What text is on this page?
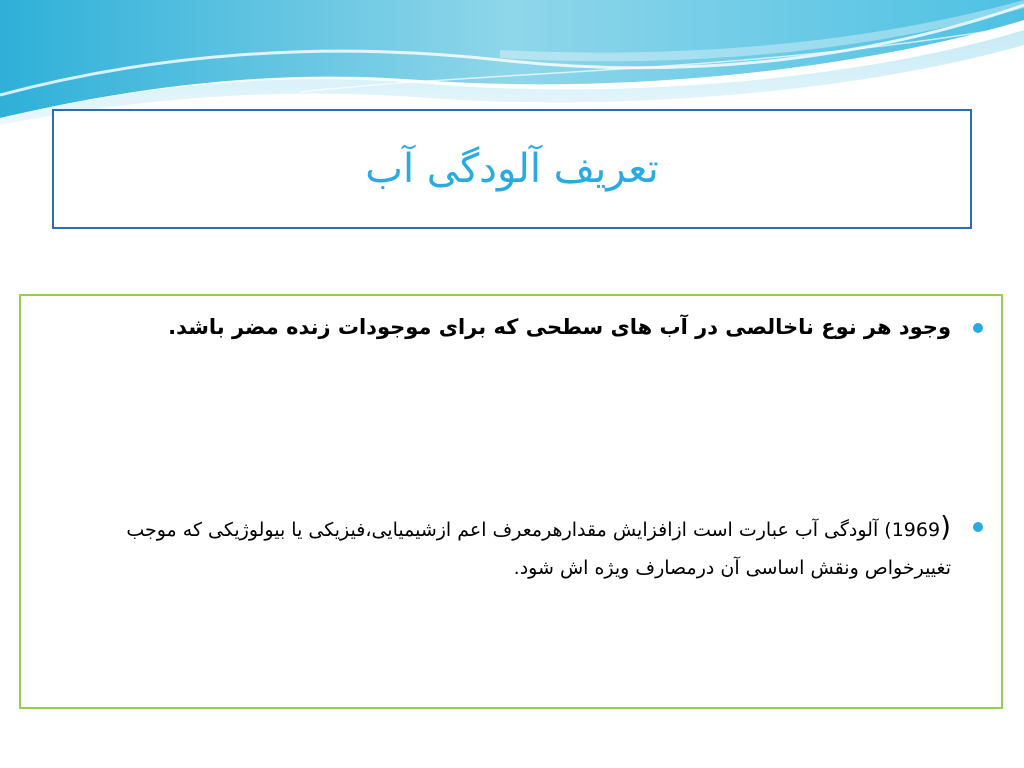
تعریف آلودگی آب
وجود هر نوع ناخالصی در آب های سطحی که برای موجودات زنده مضر باشد.
(1969) آلودگی آب عبارت است ازافزایش مقدارهرمعرف اعم ازشیمیایی،فیزیکی یا بیولوژیکی که موجب تغییرخواص ونقش اساسی آن درمصارف ویژه اش شود.
